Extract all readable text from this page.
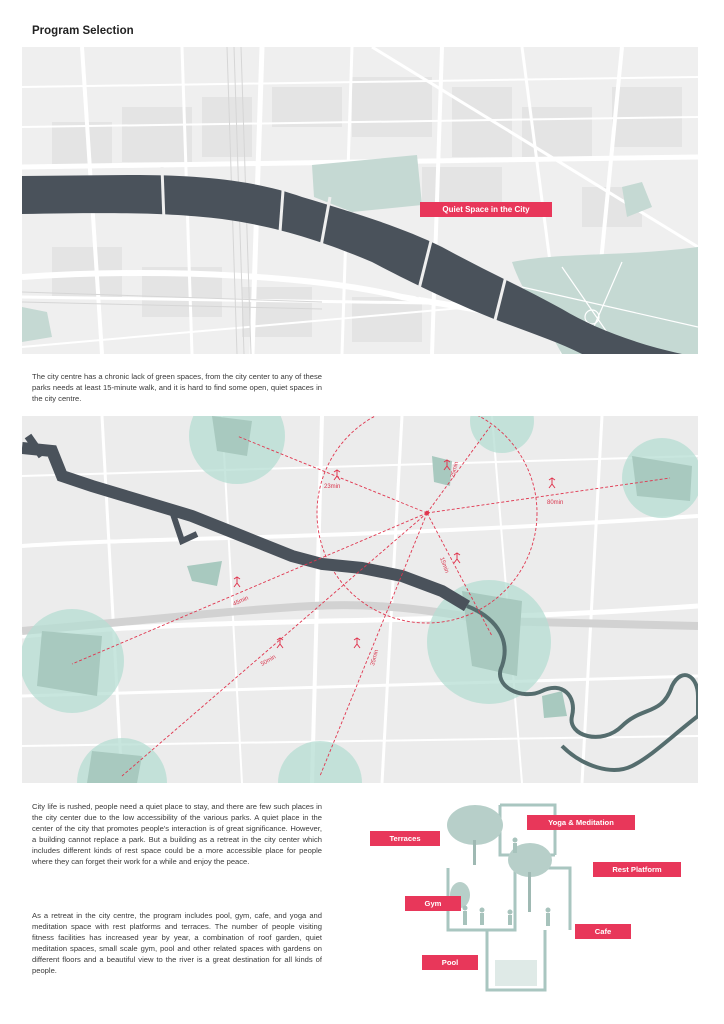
Program Selection
Quiet Space in the City
The city centre has a chronic lack of green spaces, from the city center to any of these parks needs at least 15-minute walk, and it is hard to find some open, quiet spaces in the city centre.
23min
25min
80min
15min
45min
50min	35min
City life is rushed, people need a quiet place to stay, and there are few such places in the city center due to the low accessibility of the various parks. A quiet place in the center of the city that promotes people's interaction is of great significance. However, a building cannot replace a park. But a building as a retreat in the city center which includes different kinds of rest space could be a more accessible place for people where they can forget their work for a while and enjoy the peace.
As a retreat in the city centre, the program includes pool, gym, cafe, and yoga and meditation space with rest platforms and terraces. The number of people visiting fitness facilities has increased year by year, a combination of roof garden, quiet meditation spaces, small scale gym, pool and other related spaces with gardens on different floors and a beautiful view to the river is a great destination for all kinds of people.
Terraces
Yoga & Meditation
Rest Platform
Gym
Cafe
Pool
